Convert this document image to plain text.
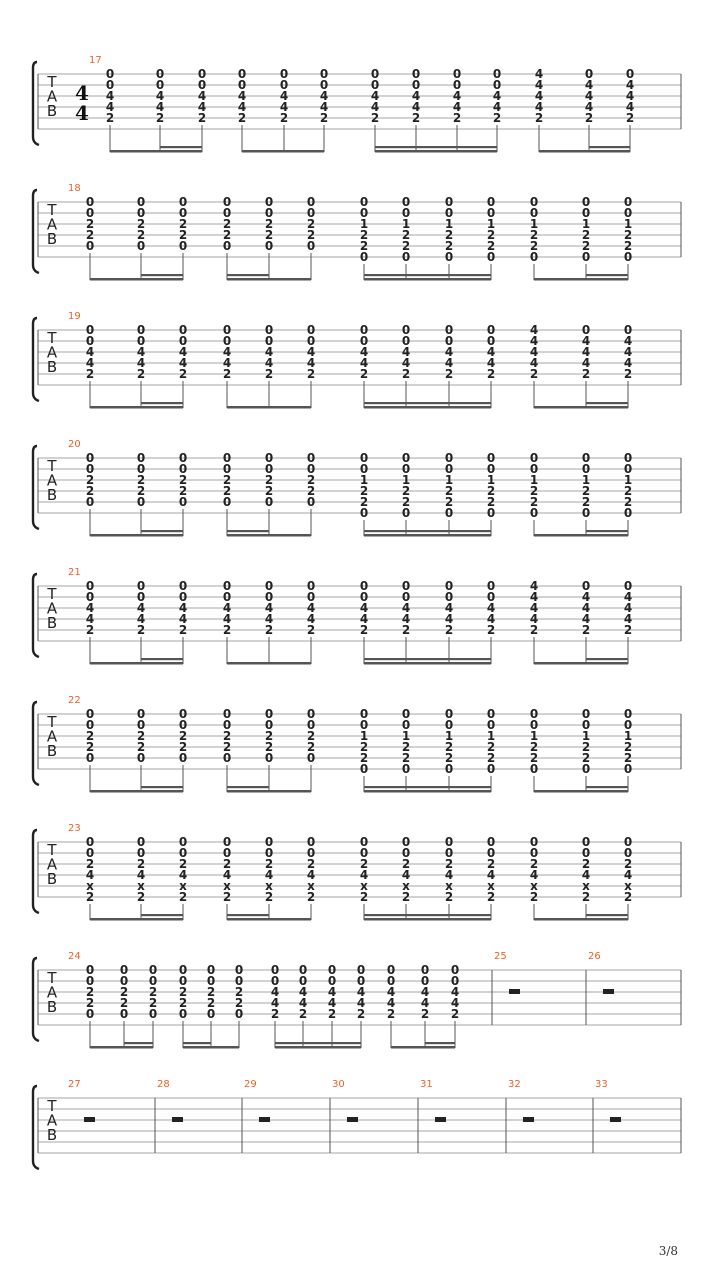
T
A
B
4
4
17
0
0
4
4
2
0
0
4
4
2
0
0
4
4
2
0
0
4
4
2
0
0
4
4
2
0
0
4
4
2
0
0
4
4
2
0
0
4
4
2
0
0
4
4
2
0
0
4
4
2
4
4
4
4
2
0
4
4
4
2
0
4
4
4
2
T
A
B
18
0
0
2
2
0
0
0
2
2
0
0
0
2
2
0
0
0
2
2
0
0
0
2
2
0
0
0
2
2
0
0
0
1
2
2
0
0
0
1
2
2
0
0
0
1
2
2
0
0
0
1
2
2
0
0
0
1
2
2
0
0
0
1
2
2
0
0
0
1
2
2
0
T
A
B
19
0
0
4
4
2
0
0
4
4
2
0
0
4
4
2
0
0
4
4
2
0
0
4
4
2
0
0
4
4
2
0
0
4
4
2
0
0
4
4
2
0
0
4
4
2
0
0
4
4
2
4
4
4
4
2
0
4
4
4
2
0
4
4
4
2
T
A
B
20
0
0
2
2
0
0
0
2
2
0
0
0
2
2
0
0
0
2
2
0
0
0
2
2
0
0
0
2
2
0
0
0
1
2
2
0
0
0
1
2
2
0
0
0
1
2
2
0
0
0
1
2
2
0
0
0
1
2
2
0
0
0
1
2
2
0
0
0
1
2
2
0
T
A
B
21
0
0
4
4
2
0
0
4
4
2
0
0
4
4
2
0
0
4
4
2
0
0
4
4
2
0
0
4
4
2
0
0
4
4
2
0
0
4
4
2
0
0
4
4
2
0
0
4
4
2
4
4
4
4
2
0
4
4
4
2
0
4
4
4
2
T
A
B
22
0
0
2
2
0
0
0
2
2
0
0
0
2
2
0
0
0
2
2
0
0
0
2
2
0
0
0
2
2
0
0
0
1
2
2
0
0
0
1
2
2
0
0
0
1
2
2
0
0
0
1
2
2
0
0
0
1
2
2
0
0
0
1
2
2
0
0
0
1
2
2
0
T
A
B
23
0
0
2
4
x
2
0
0
2
4
x
2
0
0
2
4
x
2
0
0
2
4
x
2
0
0
2
4
x
2
0
0
2
4
x
2
0
0
2
4
x
2
0
0
2
4
x
2
0
0
2
4
x
2
0
0
2
4
x
2
0
0
2
4
x
2
0
0
2
4
x
2
0
0
2
4
x
2
T
A
B
24
0
0
2
2
0
0
0
2
2
0
0
0
2
2
0
0
0
2
2
0
0
0
2
2
0
0
0
2
2
0
0
0
4
4
2
0
0
4
4
2
0
0
4
4
2
0
0
4
4
2
0
0
4
4
2
0
0
4
4
2
0
0
4
4
2
25	26
T
A
B
27	28	29	30	31	32	33
3/8
